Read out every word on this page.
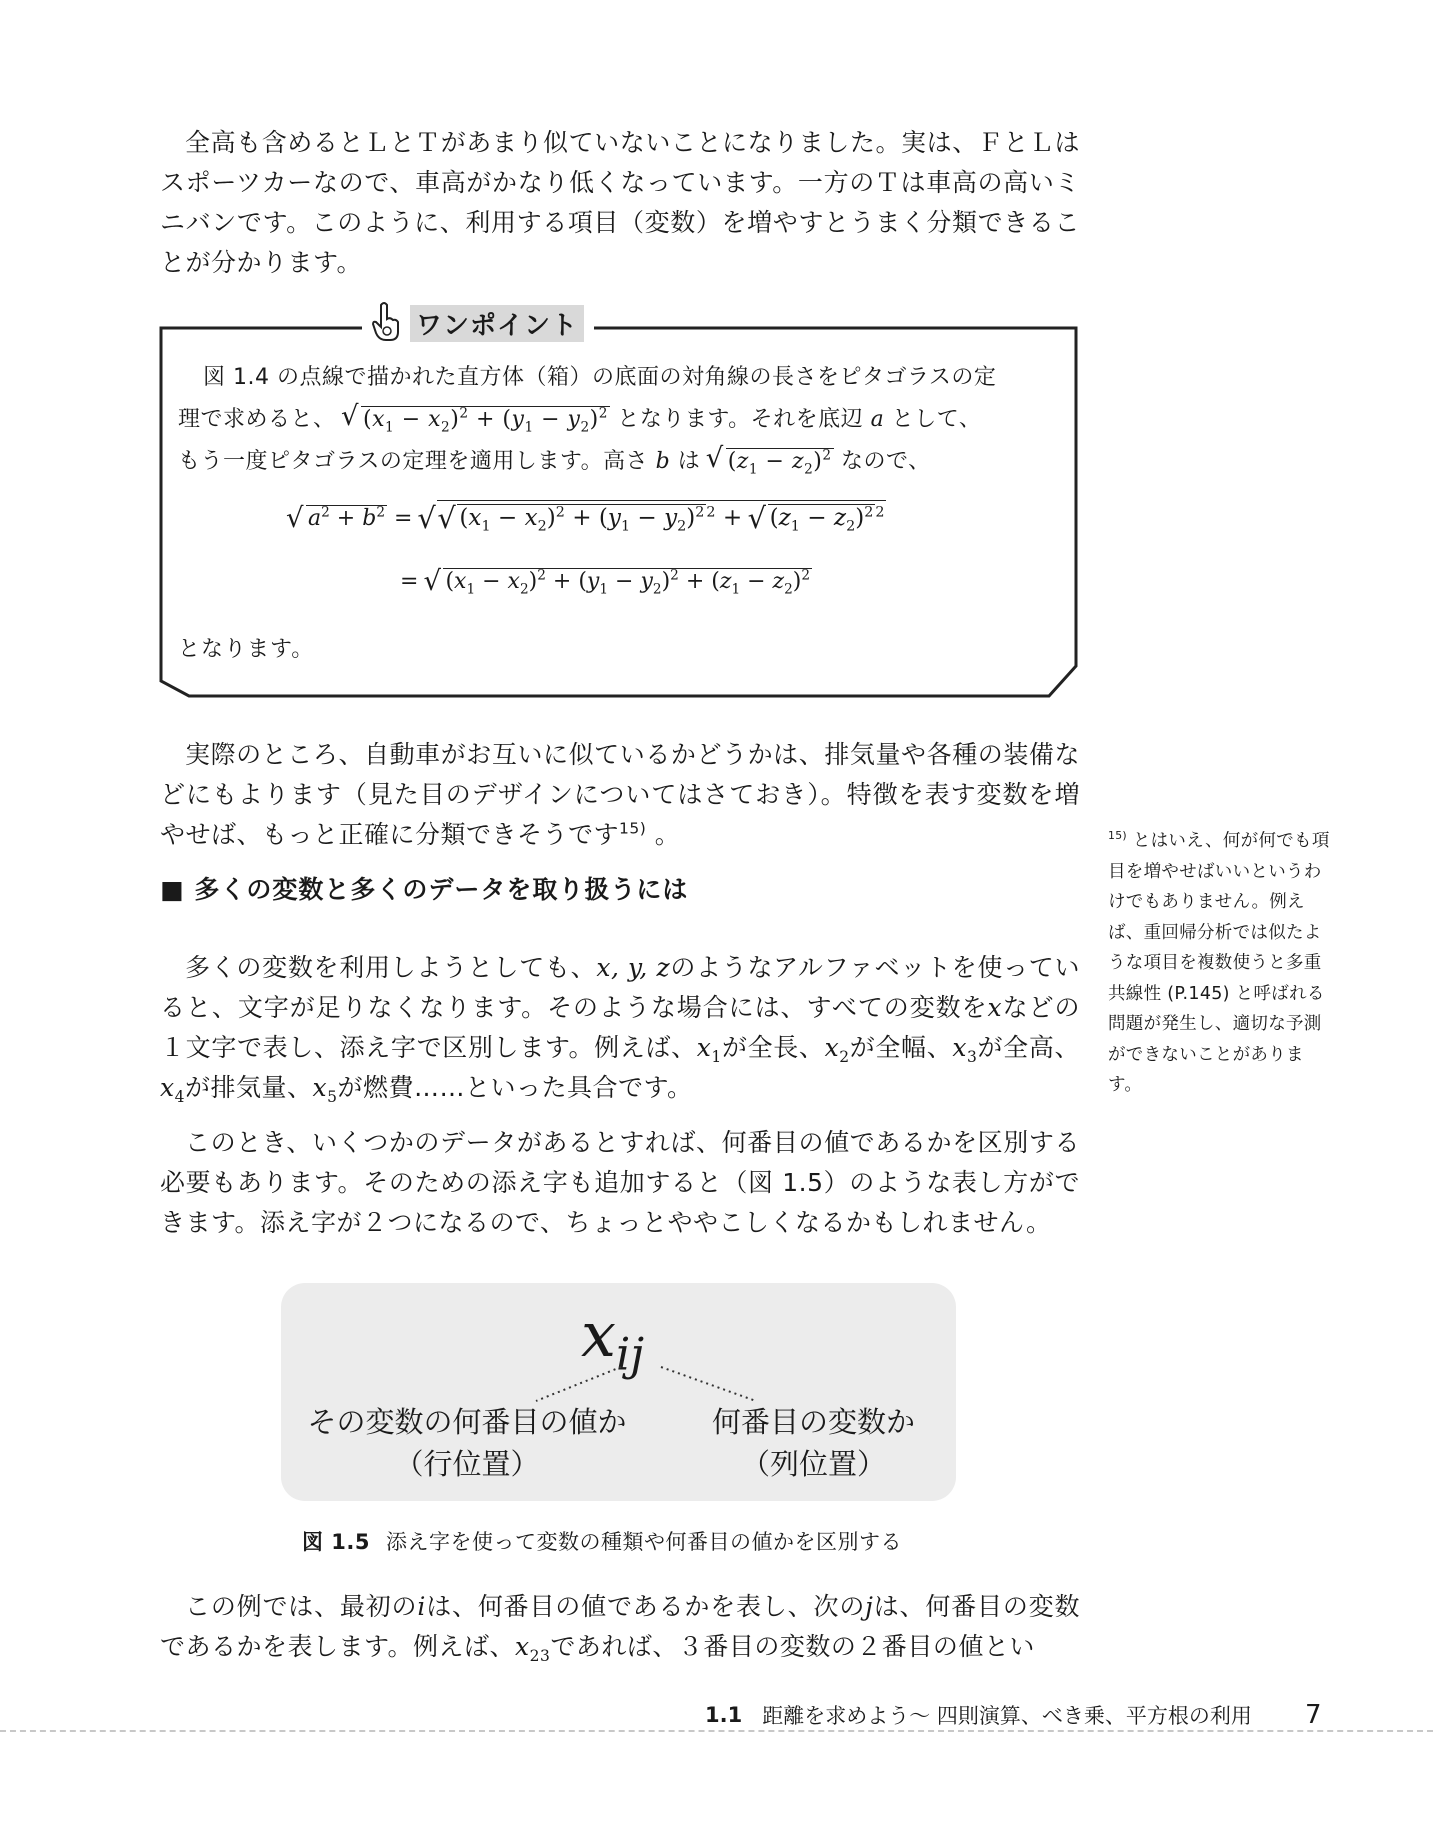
全高も含めるとＬとＴがあまり似ていないことになりました。実は、ＦとＬはスポーツカーなので、車高がかなり低くなっています。一方のＴは車高の高いミニバンです。このように、利用する項目（変数）を増やすとうまく分類できることが分かります。

ワンポイント
図 1.4 の点線で描かれた直方体（箱）の底面の対角線の長さをピタゴラスの定
理で求めると、 √ $(x_1 - x_2)^2 + (y_1 - y_2)^2$ となります。それを底辺 a として、
もう一度ピタゴラスの定理を適用します。高さ b は √ $(z_1 - z_2)^2$ なので、
√ $a^2 + b^2$ = √ √ $(x_1 - x_2)^2 + (y_1 - y_2)^2$ $^2$ + √ $(z_1 - z_2)^2$ $^2$
= √ $(x_1 - x_2)^2 + (y_1 - y_2)^2 + (z_1 - z_2)^2$
となります。

実際のところ、自動車がお互いに似ているかどうかは、排気量や各種の装備などにもよります（見た目のデザインについてはさておき）。特徴を表す変数を増やせば、もっと正確に分類できそうです$^{15)}$ 。	$^{15)}$ とはいえ、何が何でも項目を増やせばいいというわけでもありません。例えば、重回帰分析では似たような項目を複数使うと多重共線性 (P.145) と呼ばれる問題が発生し、適切な予測ができないことがあります。
■ 多くの変数と多くのデータを取り扱うには

多くの変数を利用しようとしても、x, y, zのようなアルファベットを使っていると、文字が足りなくなります。そのような場合には、すべての変数をxなどの１文字で表し、添え字で区別します。例えば、$x_1$が全長、$x_2$が全幅、$x_3$が全高、$x_4$が排気量、$x_5$が燃費……といった具合です。

このとき、いくつかのデータがあるとすれば、何番目の値であるかを区別する必要もあります。そのための添え字も追加すると（図 1.5）のような表し方ができます。添え字が２つになるので、ちょっとややこしくなるかもしれません。

$x_{ij}$
その変数の何番目の値か
（行位置）
何番目の変数か
（列位置）
図 1.5 添え字を使って変数の種類や何番目の値かを区別する

この例では、最初のiは、何番目の値であるかを表し、次のjは、何番目の変数であるかを表します。例えば、$x_{23}$であれば、３番目の変数の２番目の値とい

1.1 距離を求めよう～ 四則演算、べき乗、平方根の利用 7
